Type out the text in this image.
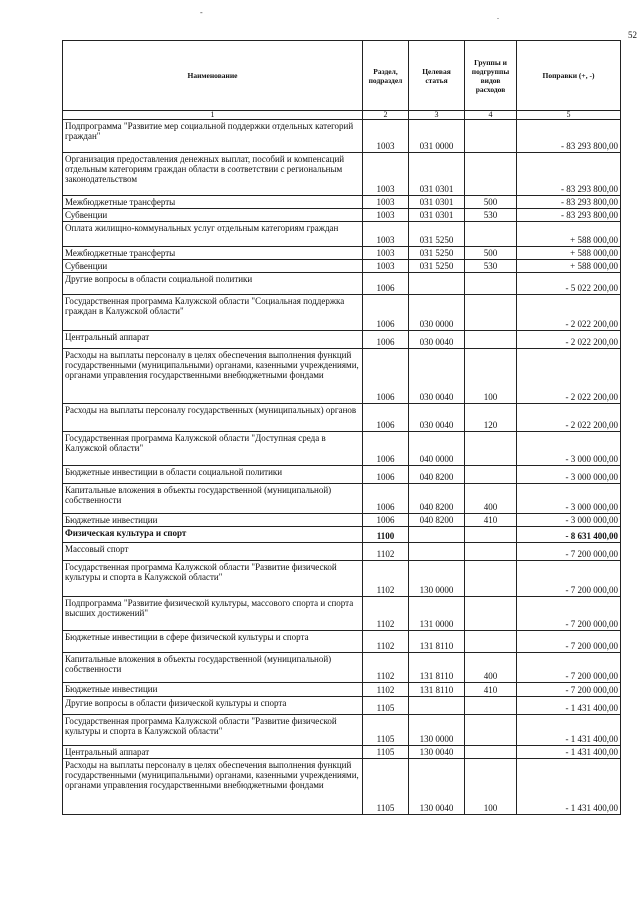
52
-	.
Наименование	Раздел, подраздел	Целевая статья	Группы и подгруппы видов расходов	Поправки (+, -)
1	2	3	4	5
Подпрограмма "Развитие мер социальной поддержки отдельных категорий граждан"	1003	031 0000		- 83 293 800,00
Организация предоставления денежных выплат, пособий и компенсаций отдельным категориям граждан области в соответствии с региональным законодательством	1003	031 0301		- 83 293 800,00
Межбюджетные трансферты	1003	031 0301	500	- 83 293 800,00
Субвенции	1003	031 0301	530	- 83 293 800,00
Оплата жилищно-коммунальных услуг отдельным категориям граждан	1003	031 5250		+ 588 000,00
Межбюджетные трансферты	1003	031 5250	500	+ 588 000,00
Субвенции	1003	031 5250	530	+ 588 000,00
Другие вопросы в области социальной политики	1006			- 5 022 200,00
Государственная программа Калужской области "Социальная поддержка граждан в Калужской области"	1006	030 0000		- 2 022 200,00
Центральный аппарат	1006	030 0040		- 2 022 200,00
Расходы на выплаты персоналу в целях обеспечения выполнения функций государственными (муниципальными) органами, казенными учреждениями, органами управления государственными внебюджетными фондами	1006	030 0040	100	- 2 022 200,00
Расходы на выплаты персоналу государственных (муниципальных) органов	1006	030 0040	120	- 2 022 200,00
Государственная программа Калужской области "Доступная среда в Калужской области"	1006	040 0000		- 3 000 000,00
Бюджетные инвестиции в области социальной политики	1006	040 8200		- 3 000 000,00
Капитальные вложения в объекты государственной (муниципальной) собственности	1006	040 8200	400	- 3 000 000,00
Бюджетные инвестиции	1006	040 8200	410	- 3 000 000,00
Физическая культура и спорт	1100			- 8 631 400,00
Массовый спорт	1102			- 7 200 000,00
Государственная программа Калужской области "Развитие физической культуры и спорта в Калужской области"	1102	130 0000		- 7 200 000,00
Подпрограмма "Развитие физической культуры, массового спорта и спорта высших достижений"	1102	131 0000		- 7 200 000,00
Бюджетные инвестиции в сфере физической культуры и спорта	1102	131 8110		- 7 200 000,00
Капитальные вложения в объекты государственной (муниципальной) собственности	1102	131 8110	400	- 7 200 000,00
Бюджетные инвестиции	1102	131 8110	410	- 7 200 000,00
Другие вопросы в области физической культуры и спорта	1105			- 1 431 400,00
Государственная программа Калужской области "Развитие физической культуры и спорта в Калужской области"	1105	130 0000		- 1 431 400,00
Центральный аппарат	1105	130 0040		- 1 431 400,00
Расходы на выплаты персоналу в целях обеспечения выполнения функций государственными (муниципальными) органами, казенными учреждениями, органами управления государственными внебюджетными фондами	1105	130 0040	100	- 1 431 400,00
